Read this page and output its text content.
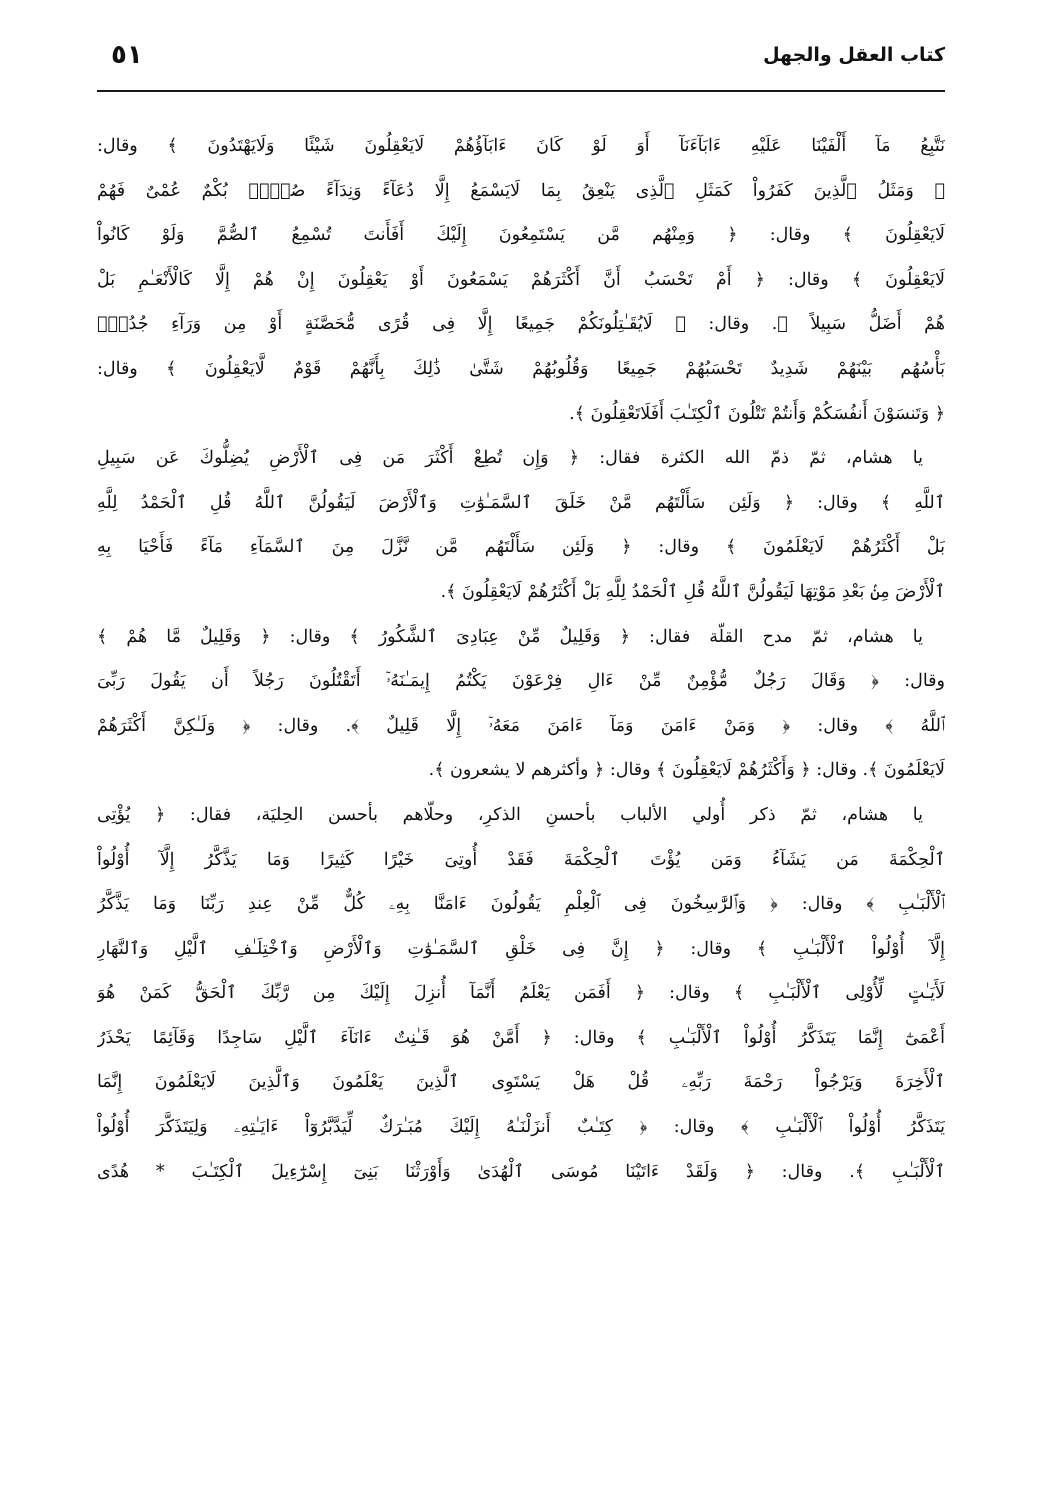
كتاب العقل والجهل
٥١
نَتَّبِعُ مَآ أَلْفَيْنَا عَلَيْهِ ءَابَآءَنَآ أَوَ لَوْ كَانَ ءَابَآؤُهُمْ لَايَعْقِلُونَ شَيْئًا وَلَايَهْتَدُونَ ﴾ وقال:
﴿ وَمَثَلُ ٱلَّذِينَ كَفَرُواْ كَمَثَلِ ٱلَّذِى يَنْعِقُ بِمَا لَايَسْمَعُ إِلَّا دُعَآءً وَنِدَآءً صُمٌّۢ بُكْمٌ عُمْىٌ فَهُمْ
لَايَعْقِلُونَ ﴾ وقال: ﴿ وَمِنْهُم مَّن يَسْتَمِعُونَ إِلَيْكَ أَفَأَنتَ تُسْمِعُ ٱلصُّمَّ وَلَوْ كَانُواْ
لَايَعْقِلُونَ ﴾ وقال: ﴿ أَمْ تَحْسَبُ أَنَّ أَكْثَرَهُمْ يَسْمَعُونَ أَوْ يَعْقِلُونَ إِنْ هُمْ إِلَّا كَالْأَنْعَـٰمِ بَلْ
هُمْ أَضَلُّ سَبِيلاً ﴾. وقال: ﴿ لَايُقَـٰتِلُونَكُمْ جَمِيعًا إِلَّا فِى قُرًى مُّحَصَّنَةٍ أَوْ مِن وَرَآءِ جُدُرٍۭ
بَأْسُهُم بَيْنَهُمْ شَدِيدٌ تَحْسَبُهُمْ جَمِيعًا وَقُلُوبُهُمْ شَتَّىٰ ذَٰلِكَ بِأَنَّهُمْ قَوْمٌ لَّايَعْقِلُونَ ﴾ وقال:
﴿ وَتَنسَوْنَ أَنفُسَكُمْ وَأَنتُمْ تَتْلُونَ ٱلْكِتَـٰبَ أَفَلَاتَعْقِلُونَ ﴾.
يا هشام، ثمّ ذمّ الله الكثرة فقال: ﴿ وَإِن تُطِعْ أَكْثَرَ مَن فِى ٱلْأَرْضِ يُضِلُّوكَ عَن سَبِيلِ
ٱللَّهِ ﴾ وقال: ﴿ وَلَئِن سَأَلْتَهُم مَّنْ خَلَقَ ٱلسَّمَـٰوَٰتِ وَٱلْأَرْضَ لَيَقُولُنَّ ٱللَّهُ قُلِ ٱلْحَمْدُ لِلَّهِ
بَلْ أَكْثَرُهُمْ لَايَعْلَمُونَ ﴾ وقال: ﴿ وَلَئِن سَأَلْتَهُم مَّن نَّزَّلَ مِنَ ٱلسَّمَآءِ مَآءً فَأَحْيَا بِهِ
ٱلْأَرْضَ مِنۢ بَعْدِ مَوْتِهَا لَيَقُولُنَّ ٱللَّهُ قُلِ ٱلْحَمْدُ لِلَّهِ بَلْ أَكْثَرُهُمْ لَايَعْقِلُونَ ﴾.
يا هشام، ثمّ مدح القلّة فقال: ﴿ وَقَلِيلٌ مِّنْ عِبَادِىَ ٱلشَّكُورُ ﴾ وقال: ﴿ وَقَلِيلٌ مَّا هُمْ ﴾
وقال: ﴿ وَقَالَ رَجُلٌ مُّؤْمِنٌ مِّنْ ءَالِ فِرْعَوْنَ يَكْتُمُ إِيمَـٰنَهُۥٓ أَتَقْتُلُونَ رَجُلاً أَن يَقُولَ رَبِّىَ
ٱللَّهُ ﴾ وقال: ﴿ وَمَنْ ءَامَنَ وَمَآ ءَامَنَ مَعَهُۥٓ إِلَّا قَلِيلٌ ﴾. وقال: ﴿ وَلَـٰكِنَّ أَكْثَرَهُمْ
لَايَعْلَمُونَ ﴾. وقال: ﴿ وَأَكْثَرُهُمْ لَايَعْقِلُونَ ﴾ وقال: ﴿ وأكثرهم لا يشعرون ﴾.
يا هشام، ثمّ ذكر أُولي الألباب بأحسنِ الذكرِ، وحلّاهم بأحسن الحِليَة، فقال: ﴿ يُؤْتِى
ٱلْحِكْمَةَ مَن يَشَآءُ وَمَن يُؤْتَ ٱلْحِكْمَةَ فَقَدْ أُوتِىَ خَيْرًا كَثِيرًا وَمَا يَذَّكَّرُ إِلَّآ أُوْلُواْ
ٱلْأَلْبَـٰبِ ﴾ وقال: ﴿ وَٱلرَّٰسِخُونَ فِى ٱلْعِلْمِ يَقُولُونَ ءَامَنَّا بِهِۦ كُلٌّ مِّنْ عِندِ رَبِّنَا وَمَا يَذَّكَّرُ
إِلَّآ أُوْلُواْ ٱلْأَلْبَـٰبِ ﴾ وقال: ﴿ إِنَّ فِى خَلْقِ ٱلسَّمَـٰوَٰتِ وَٱلْأَرْضِ وَٱخْتِلَـٰفِ ٱلَّيْلِ وَٱلنَّهَارِ
لَأَيَـٰتٍ لِّأُوْلِى ٱلْأَلْبَـٰبِ ﴾ وقال: ﴿ أَفَمَن يَعْلَمُ أَنَّمَآ أُنزِلَ إِلَيْكَ مِن رَّبِّكَ ٱلْحَقُّ كَمَنْ هُوَ
أَعْمَىٰٓ إِنَّمَا يَتَذَكَّرُ أُوْلُواْ ٱلْأَلْبَـٰبِ ﴾ وقال: ﴿ أَمَّنْ هُوَ قَـٰنِتٌ ءَانَآءَ ٱلَّيْلِ سَاجِدًا وَقَآئِمًا يَحْذَرُ
ٱلْأَخِرَةَ وَيَرْجُواْ رَحْمَةَ رَبِّهِۦ قُلْ هَلْ يَسْتَوِى ٱلَّذِينَ يَعْلَمُونَ وَٱلَّذِينَ لَايَعْلَمُونَ إِنَّمَا
يَتَذَكَّرُ أُوْلُواْ ٱلْأَلْبَـٰبِ ﴾ وقال: ﴿ كِتَـٰبٌ أَنزَلْنَـٰهُ إِلَيْكَ مُبَـٰرَكٌ لِّيَدَّبَّرُوٓاْ ءَايَـٰتِهِۦ وَلِيَتَذَكَّرَ أُوْلُواْ
ٱلْأَلْبَـٰبِ ﴾. وقال: ﴿ وَلَقَدْ ءَاتَيْنَا مُوسَى ٱلْهُدَىٰ وَأَوْرَثْنَا بَنِىٓ إِسْرَٰٓءِيلَ ٱلْكِتَـٰبَ * هُدًى
